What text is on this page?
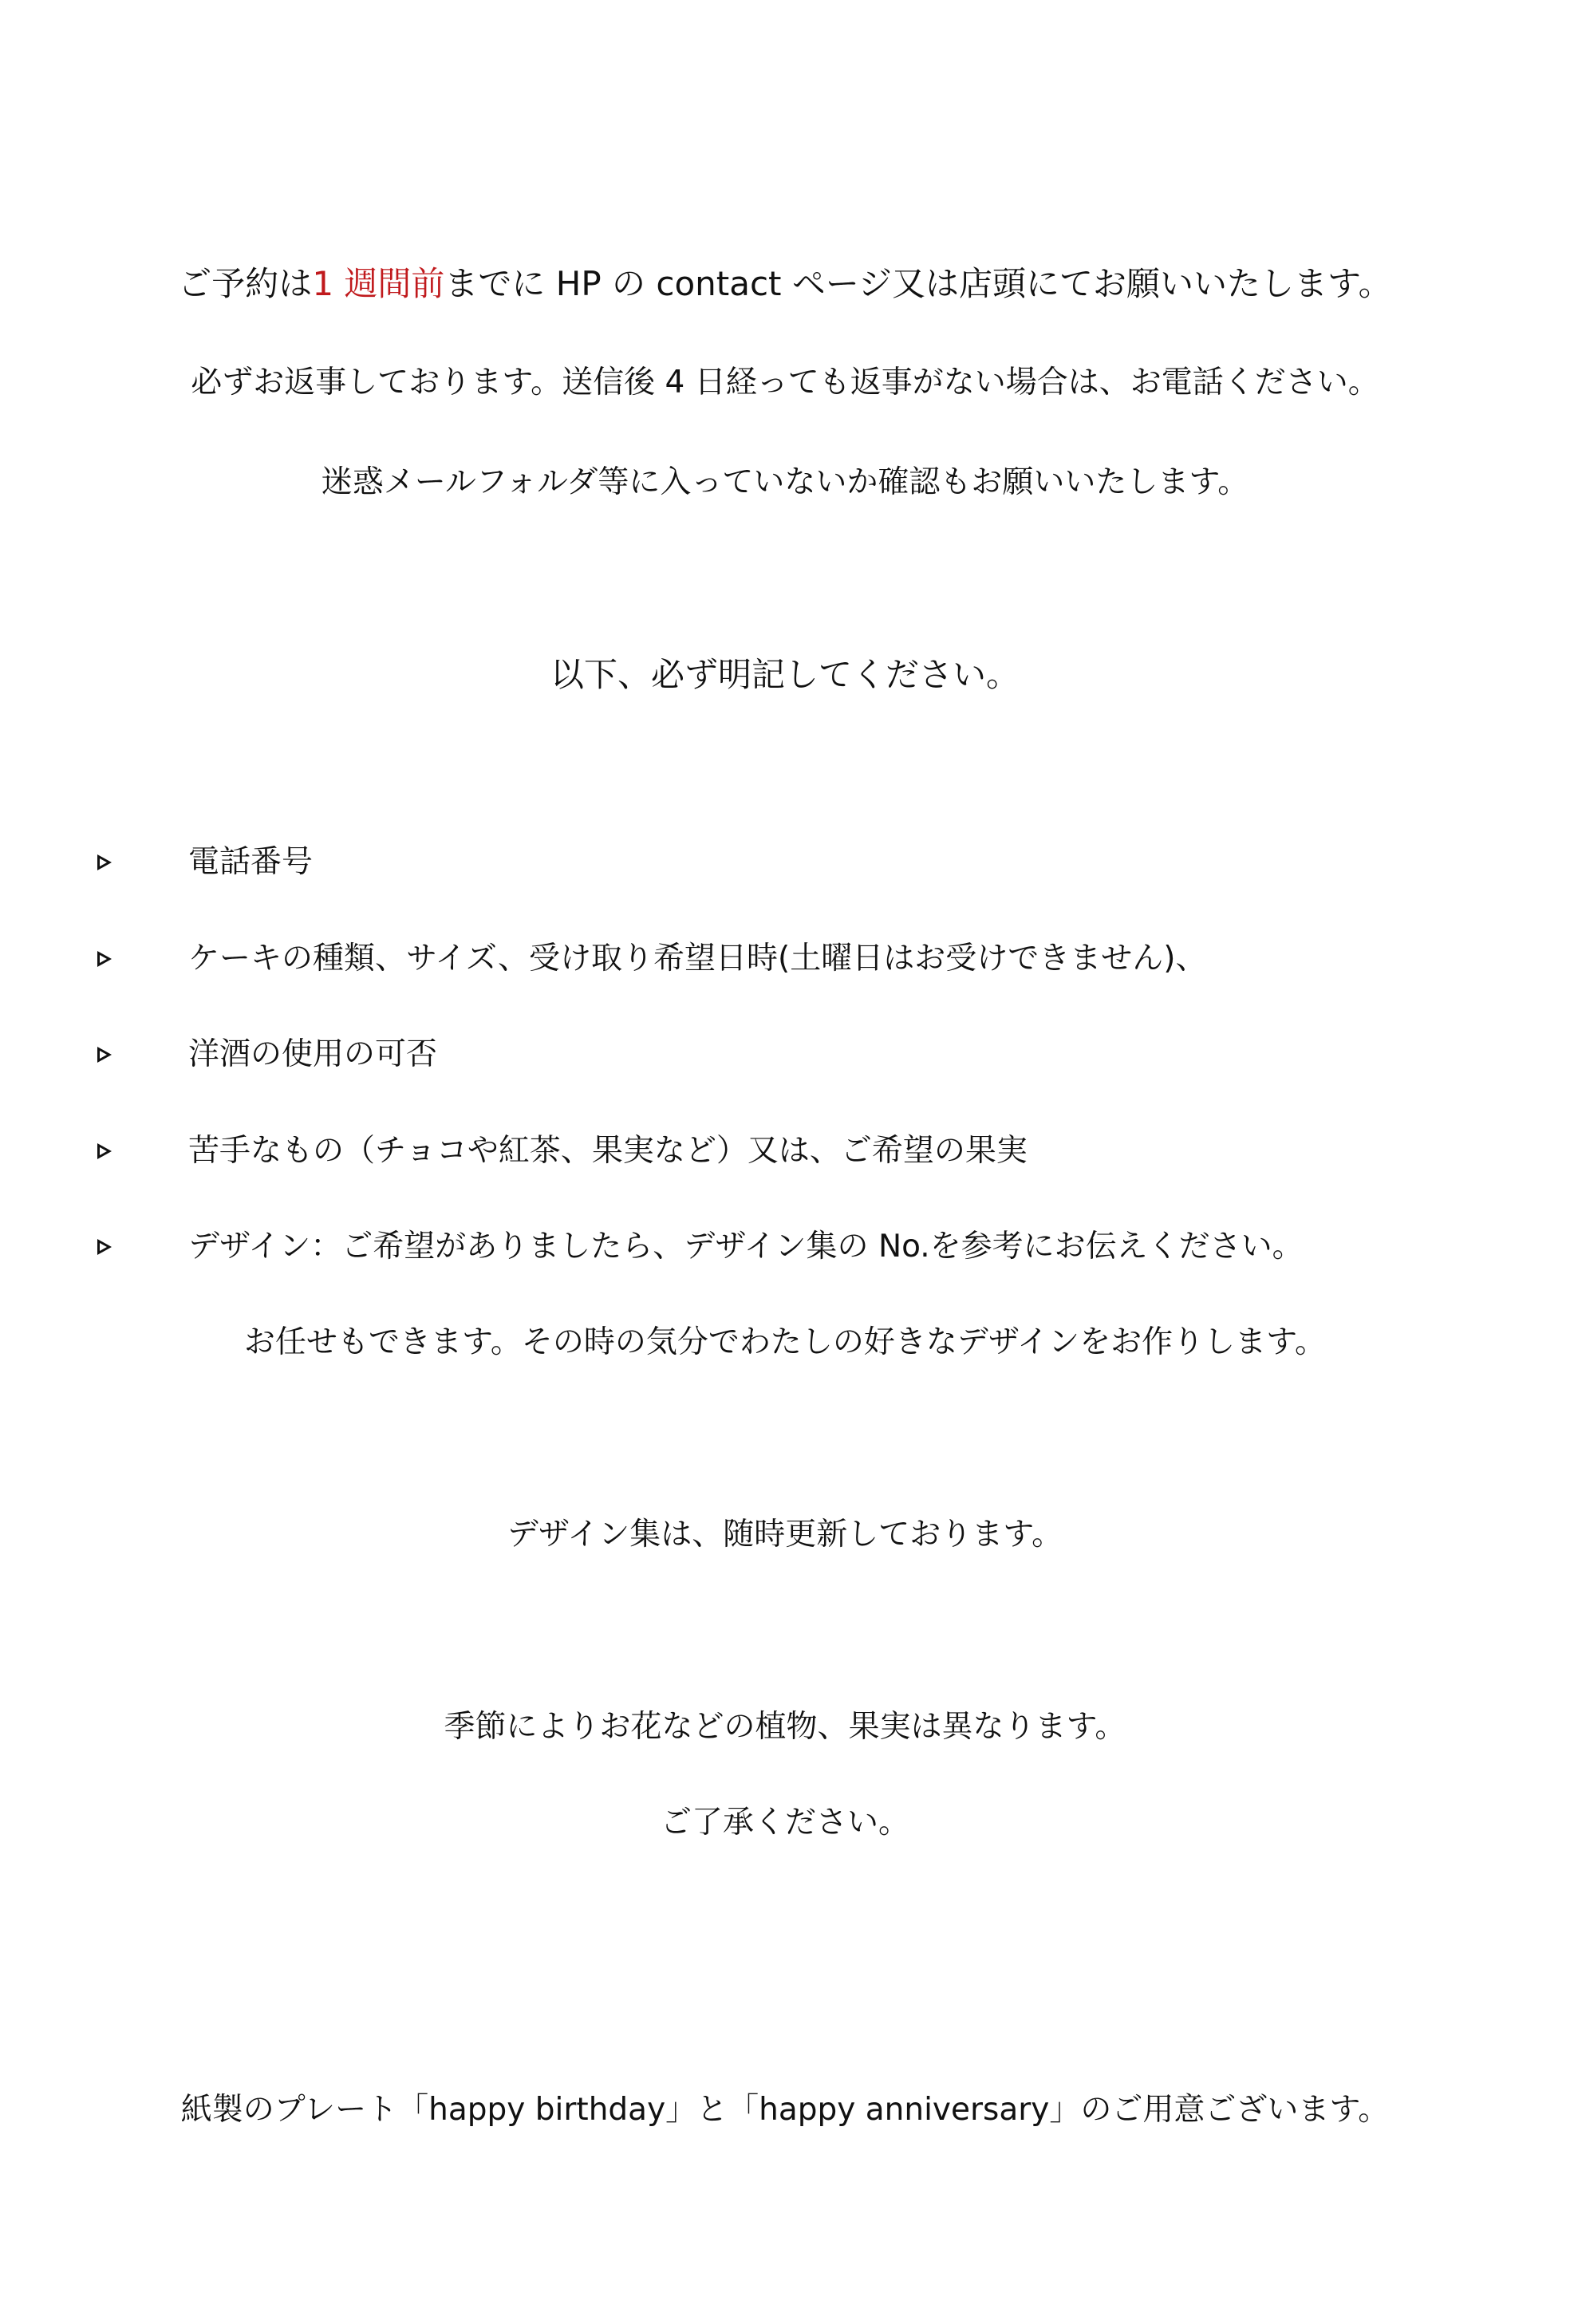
ご予約は1 週間前までに HP の contact ページ又は店頭にてお願いいたします。
必ずお返事しております。送信後 4 日経っても返事がない場合は、お電話ください。
迷惑メールフォルダ等に入っていないか確認もお願いいたします。
以下、必ず明記してください。
電話番号
ケーキの種類、サイズ、受け取り希望日時(土曜日はお受けできません)、
洋酒の使用の可否
苦手なもの（チョコや紅茶、果実など）又は、ご希望の果実
デザイン：ご希望がありましたら、デザイン集の No.を参考にお伝えください。
お任せもできます。その時の気分でわたしの好きなデザインをお作りします。
デザイン集は、随時更新しております。
季節によりお花などの植物、果実は異なります。
ご了承ください。
紙製のプレート「happy birthday」と「happy anniversary」のご用意ございます。
